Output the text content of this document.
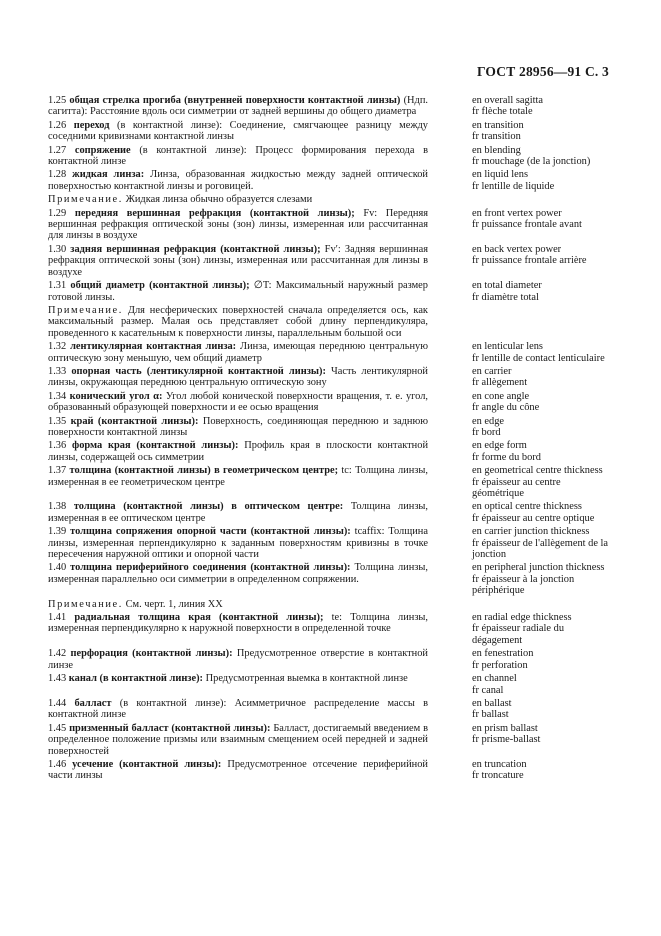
ГОСТ 28956—91 С. 3
1.25 общая стрелка прогиба (внутренней поверхности контактной линзы) (Ндп. сагитта): Расстояние вдоль оси симметрии от задней вершины до общего диаметра
en overall sagitta
fr flèche totale
1.26 переход (в контактной линзе): Соединение, смягчающее разницу между соседними кривизнами контактной линзы
en transition
fr transition
1.27 сопряжение (в контактной линзе): Процесс формирования перехода в контактной линзе
en blending
fr mouchage (de la jonction)
1.28 жидкая линза: Линза, образованная жидкостью между задней оптической поверхностью контактной линзы и роговицей.
en liquid lens
fr lentille de liquide
Примечание. Жидкая линза обычно образуется слезами
1.29 передняя вершинная рефракция (контактной линзы); Fv: Передняя вершинная рефракция оптической зоны (зон) линзы, измеренная или рассчитанная для линзы в воздухе
en front vertex power
fr puissance frontale avant
1.30 задняя вершинная рефракция (контактной линзы); Fv′: Задняя вершинная рефракция оптической зоны (зон) линзы, измеренная или рассчитанная для линзы в воздухе
en back vertex power
fr puissance frontale arrière
1.31 общий диаметр (контактной линзы); ∅T: Максимальный наружный размер готовой линзы.
en total diameter
fr diamètre total
Примечание. Для несферических поверхностей сначала определяется ось, как максимальный размер. Малая ось представляет собой длину перпендикуляра, проведенного к касательным к поверхности линзы, параллельным большой оси
1.32 лентикулярная контактная линза: Линза, имеющая переднюю центральную оптическую зону меньшую, чем общий диаметр
en lenticular lens
fr lentille de contact lenticulaire
1.33 опорная часть (лентикулярной контактной линзы): Часть лентикулярной линзы, окружающая переднюю центральную оптическую зону
en carrier
fr allègement
1.34 конический угол α: Угол любой конической поверхности вращения, т. е. угол, образованный образующей поверхности и ее осью вращения
en cone angle
fr angle du cône
1.35 край (контактной линзы): Поверхность, соединяющая переднюю и заднюю поверхности контактной линзы
en edge
fr bord
1.36 форма края (контактной линзы): Профиль края в плоскости контактной линзы, содержащей ось симметрии
en edge form
fr forme du bord
1.37 толщина (контактной линзы) в геометрическом центре; tc: Толщина линзы, измеренная в ее геометрическом центре
en geometrical centre thickness
fr épaisseur au centre géométrique
1.38 толщина (контактной линзы) в оптическом центре: Толщина линзы, измеренная в ее оптическом центре
en optical centre thickness
fr épaisseur au centre optique
1.39 толщина сопряжения опорной части (контактной линзы): tcaffix: Толщина линзы, измеренная перпендикулярно к заданным поверхностям кривизны в точке пересечения наружной оптики и опорной части
en carrier junction thickness
fr épaisseur de l'allègement de la jonction
1.40 толщина периферийного соединения (контактной линзы): Толщина линзы, измеренная параллельно оси симметрии в определенном сопряжении.
en peripheral junction thickness
fr épaisseur à la jonction périphérique
Примечание. См. черт. 1, линия XX
1.41 радиальная толщина края (контактной линзы); te: Толщина линзы, измеренная перпендикулярно к наружной поверхности в определенной точке
en radial edge thickness
fr épaisseur radiale du dégagement
1.42 перфорация (контактной линзы): Предусмотренное отверстие в контактной линзе
en fenestration
fr perforation
1.43 канал (в контактной линзе): Предусмотренная выемка в контактной линзе	en channel
fr canal
1.44 балласт (в контактной линзе): Асимметричное распределение массы в контактной линзе
en ballast
fr ballast
1.45 призменный балласт (контактной линзы): Балласт, достигаемый введением в определенное положение призмы или взаимным смещением осей передней и задней поверхностей
en prism ballast
fr prisme-ballast
1.46 усечение (контактной линзы): Предусмотренное отсечение периферийной части линзы
en truncation
fr troncature
